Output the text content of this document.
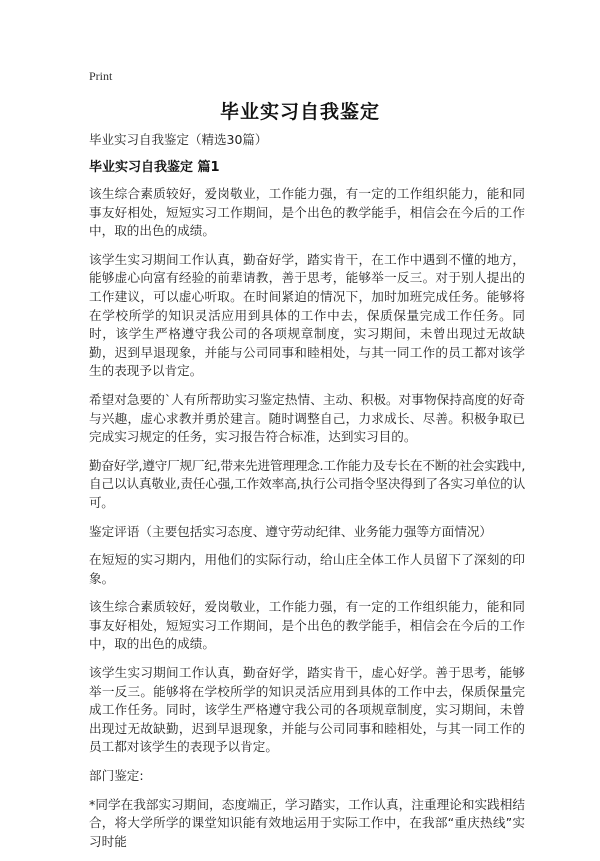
Print
毕业实习自我鉴定

毕业实习自我鉴定（精选30篇）

毕业实习自我鉴定 篇1

该生综合素质较好，爱岗敬业，工作能力强，有一定的工作组织能力，能和同事友好相处，短短实习工作期间，是个出色的教学能手，相信会在今后的工作中，取的出色的成绩。

该学生实习期间工作认真，勤奋好学，踏实肯干，在工作中遇到不懂的地方，能够虚心向富有经验的前辈请教，善于思考，能够举一反三。对于别人提出的工作建议，可以虚心听取。在时间紧迫的情况下，加时加班完成任务。能够将在学校所学的知识灵活应用到具体的工作中去，保质保量完成工作任务。同时，该学生严格遵守我公司的各项规章制度，实习期间，未曾出现过无故缺勤，迟到早退现象，并能与公司同事和睦相处，与其一同工作的员工都对该学生的表现予以肯定。

希望对急要的`人有所帮助实习鉴定热情、主动、积极。对事物保持高度的好奇与兴趣，虚心求教并勇於建言。随时调整自己，力求成长、尽善。积极争取已完成实习规定的任务，实习报告符合标准，达到实习目的。

勤奋好学,遵守厂规厂纪,带来先进管理理念.工作能力及专长在不断的社会实践中,自己以认真敬业,责任心强,工作效率高,执行公司指令坚决得到了各实习单位的认可。

鉴定评语（主要包括实习态度、遵守劳动纪律、业务能力强等方面情况）

在短短的实习期内，用他们的实际行动，给山庄全体工作人员留下了深刻的印象。

该生综合素质较好，爱岗敬业，工作能力强，有一定的工作组织能力，能和同事友好相处，短短实习工作期间，是个出色的教学能手，相信会在今后的工作中，取的出色的成绩。

该学生实习期间工作认真，勤奋好学，踏实肯干，虚心好学。善于思考，能够举一反三。能够将在学校所学的知识灵活应用到具体的工作中去，保质保量完成工作任务。同时，该学生严格遵守我公司的各项规章制度，实习期间，未曾出现过无故缺勤，迟到早退现象，并能与公司同事和睦相处，与其一同工作的员工都对该学生的表现予以肯定。

部门鉴定:

*同学在我部实习期间，态度端正，学习踏实，工作认真，注重理论和实践相结合，将大学所学的课堂知识能有效地运用于实际工作中，在我部“重庆热线”实习时能
